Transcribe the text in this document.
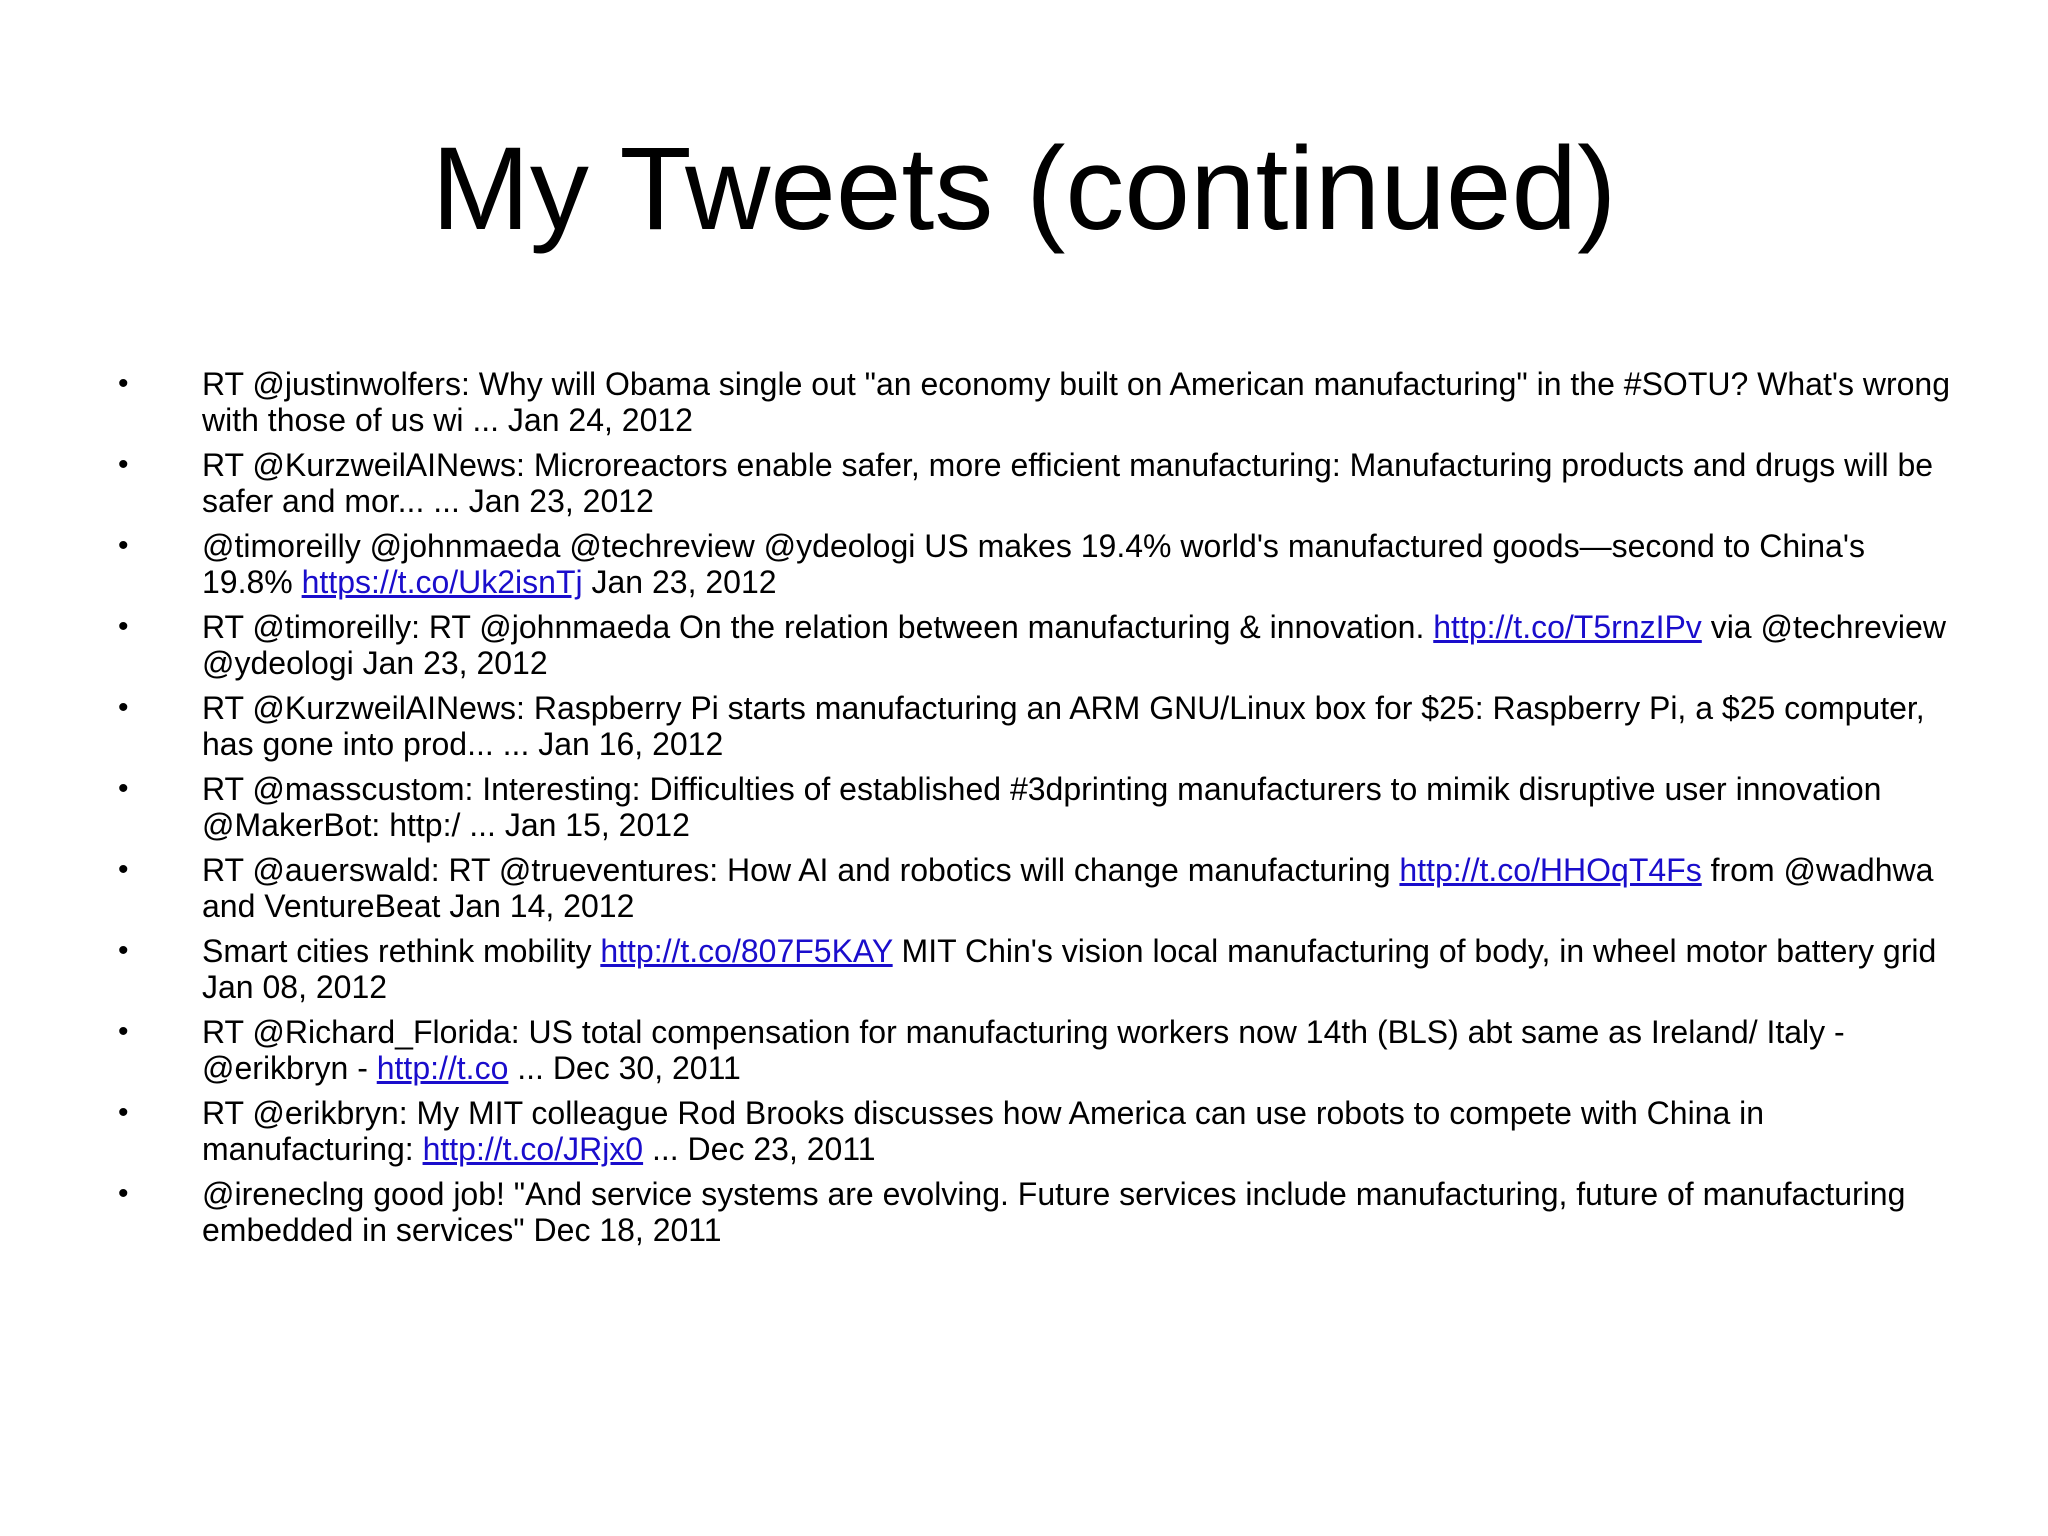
My Tweets (continued)
•	RT @justinwolfers: Why will Obama single out "an economy built on American manufacturing" in the #SOTU? What's wrong with those of us wi ... Jan 24, 2012
•	RT @KurzweilAINews: Microreactors enable safer, more efficient manufacturing: Manufacturing products and drugs will be safer and mor... ... Jan 23, 2012
•	@timoreilly @johnmaeda @techreview @ydeologi US makes 19.4% world's manufactured goods—second to China's 19.8% https://t.co/Uk2isnTj Jan 23, 2012
•	RT @timoreilly: RT @johnmaeda On the relation between manufacturing & innovation. http://t.co/T5rnzIPv via @techreview @ydeologi Jan 23, 2012
•	RT @KurzweilAINews: Raspberry Pi starts manufacturing an ARM GNU/Linux box for $25: Raspberry Pi, a $25 computer, has gone into prod... ... Jan 16, 2012
•	RT @masscustom: Interesting: Difficulties of established #3dprinting manufacturers to mimik disruptive user innovation @MakerBot: http:/ ... Jan 15, 2012
•	RT @auerswald: RT @trueventures: How AI and robotics will change manufacturing http://t.co/HHOqT4Fs from @wadhwa and VentureBeat Jan 14, 2012
•	Smart cities rethink mobility http://t.co/807F5KAY MIT Chin's vision local manufacturing of body, in wheel motor battery grid Jan 08, 2012
•	RT @Richard_Florida: US total compensation for manufacturing workers now 14th (BLS) abt same as Ireland/ Italy - @erikbryn - http://t.co ... Dec 30, 2011
•	RT @erikbryn: My MIT colleague Rod Brooks discusses how America can use robots to compete with China in manufacturing: http://t.co/JRjx0 ... Dec 23, 2011
•	@ireneclng good job! "And service systems are evolving. Future services include manufacturing, future of manufacturing embedded in services" Dec 18, 2011
